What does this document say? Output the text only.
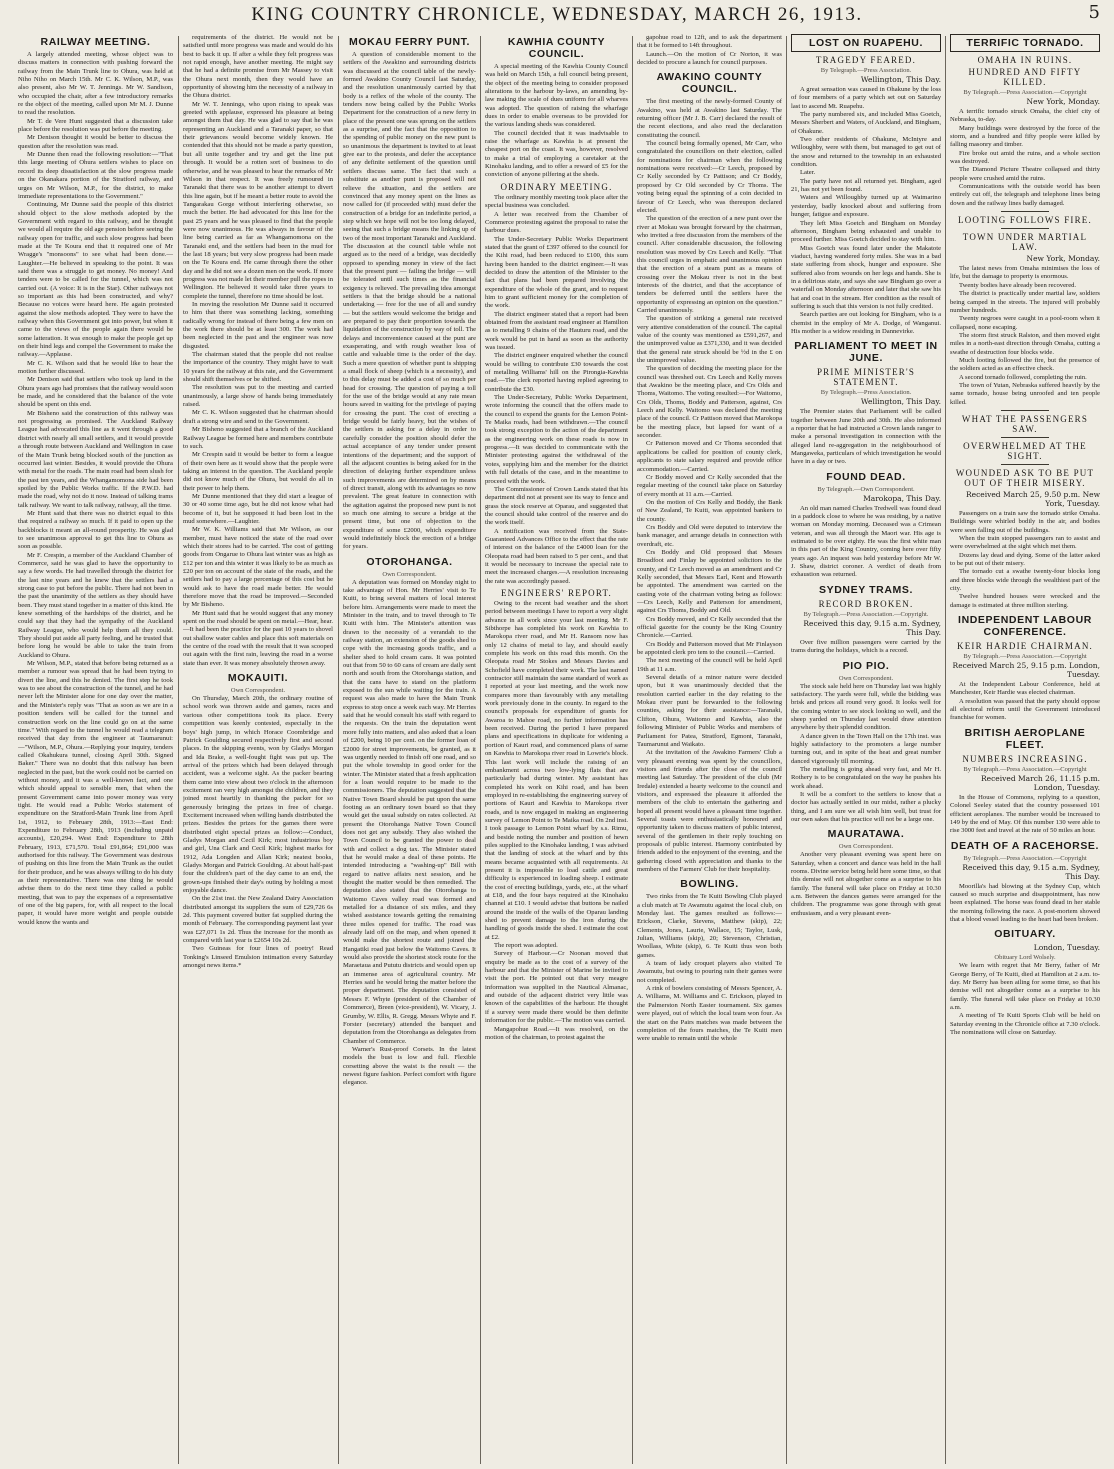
KING COUNTRY CHRONICLE, WEDNESDAY, MARCH 26, 1913.	5
RAILWAY MEETING.

A largely attended meeting, whose object was to discuss matters in connection with pushing forward the railway from the Main Trunk line to Ohura, was held at Niho Niho on March 15th. Mr C. K. Wilson, M.P., was also present, also Mr W. T. Jennings. Mr W. Sandison, who occupied the chair, after a few introductory remarks re the object of the meeting, called upon Mr M. J. Dunne to read the resolution.

Mr T. de Vere Hunt suggested that a discussion take place before the resolution was put before the meeting.

Mr Denison thought it would be better to discuss the question after the resolution was read.

Mr Dunne then read the following resolution:—"That this large meeting of Ohura settlers wishes to place on record its deep dissatisfaction at the slow progress made on the Okanakara portion of the Stratford railway, and urges on Mr Wilson, M.P., for the district, to make immediate representations to the Government."

Continuing, Mr Dunne said the people of this district should object to the slow methods adopted by the Government with regard to this railway, and he thought we would all require the old age pension before seeing the railway open for traffic, and such slow progress had been made at the Te Koura end that it required one of Mr Wragge's "monsoons" to see what had been done.—Laughter.—He believed in speaking to the point. It was said there was a struggle to get money. No money! And tenders were to be called for the tunnel, which was not carried out. (A voice: It is in the Star). Other railways not so important as this had been constructed, and why? Because no voices were heard here. He again protested against the slow methods adopted. They were to have the railway when this Government got into power, but when it came to the views of the people again there would be some latteration. It was enough to make the people get up on their hind legs and compel the Government to make the railway.—Applause.

Mr C. K. Wilson said that he would like to hear the motion further discussed.

Mr Denison said that settlers who took up land in the Ohura years ago had promises that the railway would soon be made, and he considered that the balance of the vote should be spent on this end.

Mr Bisheno said the construction of this railway was not progressing as promised. The Auckland Railway League had advocated this line as it went through a good district with nearly all small settlers, and it would provide a through route between Auckland and Wellington in case of the Main Trunk being blocked south of the junction as occurred last winter. Besides, it would provide the Ohura with metal for the roads. The main road had been slush for the past ten years, and the Whangamomona side had been spoiled by the Public Works traffic. If the P.W.D. had made the road, why not do it now. Instead of talking trams talk railway. We want to talk railway, railway, all the time.

Mr Hunt said that there was no district equal to this that required a railway so much. If it paid to open up the backblocks it meant an all-round prosperity. He was glad to see unanimous approval to get this line to Ohura as soon as possible.

Mr F. Crespin, a member of the Auckland Chamber of Commerce, said he was glad to have the opportunity to say a few words. He had travelled through the district for the last nine years and he knew that the settlers had a strong case to put before the public. There had not been in the past the unanimity of the settlers as they should have been. They must stand together in a matter of this kind. He knew something of the hardships of the district, and he could say that they had the sympathy of the Auckland Railway League, who would help them all they could. They should put aside all party feeling, and he trusted that before long he would be able to take the train from Auckland to Ohura.

Mr Wilson, M.P., stated that before being returned as a member a rumour was spread that he had been trying to divert the line, and this he denied. The first step he took was to see about the construction of the tunnel, and he had never left the Minister alone for one day over the matter, and the Minister's reply was "That as soon as we are in a position tenders will be called for the tunnel and construction work on the line could go on at the same time." With regard to the tunnel he would read a telegram received that day from the engineer at Taumarunui:—"Wilson, M.P., Ohura.—Replying your inquiry, tenders called Okahukura tunnel, closing April 30th. Signed Baker." There was no doubt that this railway has been neglected in the past, but the work could not be carried on without money, and it was a well-known fact, and one which should appeal to sensible men, that when the present Government came into power money was very tight. He would read a Public Works statement of expenditure on the Stratford-Main Trunk line from April 1st, 1912, to February 28th, 1913:—East End: Expenditure to February 28th, 1913 (including unpaid accounts), £20,294. West End: Expenditure to 28th February, 1913, £71,570. Total £91,864; £91,000 was authorised for this railway. The Government was desirous of pushing on this line from the Main Trunk as the outlet for their produce, and he was always willing to do his duty as their representative. There was one thing he would advise them to do the next time they called a public meeting, that was to pay the expenses of a representative of one of the big papers, for, with all respect to the local paper, it would have more weight and people outside would know the wants and

requirements of the district. He would not be satisfied until more progress was made and would do his best to back it up. If after a while they felt progress was not rapid enough, have another meeting. He might say that he had a definite promise from Mr Massey to visit the Ohura next month, then they would have an opportunity of showing him the necessity of a railway in the Ohura district.

Mr W. T. Jennings, who upon rising to speak was greeted with applause, expressed his pleasure at being amongst them that day. He was glad to say that he was representing an Auckland and a Taranaki paper, so that their grievances would become widely known. He contended that this should not be made a party question, but all unite together and try and get the line put through. It would be a rotten sort of business to do otherwise, and he was pleased to hear the remarks of Mr Wilson in that respect. It was freely rumoured in Taranaki that there was to be another attempt to divert this line again, but if he meant a better route to avoid the Tangarakau Gorge without interfering otherwise, so much the better. He had advocated for this line for the past 25 years and he was pleased to find that the people were now unanimous. He was always in favour of the line being carried as far as Whangamomona on the Taranaki end, and the settlers had been in the mud for the last 18 years; but very slow progress had been made on the Te Koura end. He came through there the other day and he did not see a dozen men on the work. If more progress was not made let their member pull the ropes in Wellington. He believed it would take three years to complete the tunnel, therefore no time should be lost.

In moving the resolution Mr Dunne said it occurred to him that there was something lacking, something radically wrong for instead of there being a few men on the work there should be at least 300. The work had been neglected in the past and the engineer was now disgusted.

The chairman stated that the people did not realise the importance of the country. They might have to wait 10 years for the railway at this rate, and the Government should shift themselves or be shifted.

The resolution was put to the meeting and carried unanimously, a large show of hands being immediately raised.

Mr C. K. Wilson suggested that he chairman should draft a strong wire and send to the Government.

Mr Bisheno suggested that a branch of the Auckland Railway League be formed here and members contribute to such.

Mr Crespin said it would be better to form a league of their own here as it would show that the people were taking an interest in the question. The Auckland people did not know much of the Ohura, but would do all in their power to help them.

Mr Dunne mentioned that they did start a league of 30 or 40 some time ago, but he did not know what had become of it, but he supposed it had been lost in the mud somewhere.—Laughter.

Mr W. K. Williams said that Mr Wilson, as our member, must have noticed the state of the road over which their stores had to be carried. The cost of getting goods from Ongarue to Ohura last winter was as high as £12 per ton and this winter it was likely to be as much as £20 per ton on account of the state of the roads, and the settlers had to pay a large percentage of this cost but he would ask to have the road made better. He would therefore move that the road be improved.—Seconded by Mr Bisheno.

Mr Hunt said that he would suggest that any money spent on the road should be spent on metal.—Hear, hear.—It had been the practice for the past 10 years to shovel out shallow water cables and place this soft materials on the centre of the road with the result that it was scooped out again with the first rain, leaving the road in a worse state than ever. It was money absolutely thrown away.

MOKAUITI.
Own Correspondent.

On Thursday, March 20th, the ordinary routine of school work was thrown aside and games, races and various other competitions took its place. Every competition was keenly contested, especially in the boys' high jump, in which Horace Coombridge and Patrick Goulding secured respectively first and second places. In the skipping events, won by Gladys Morgan and Ida Brake, a well-fought fight was put up. The arrival of the prizes which had been delayed through accident, was a welcome sight. As the packer bearing them came into view about two o'clock in the afternoon excitement ran very high amongst the children, and they joined most heartily in thanking the packer for so generously bringing the prizes in free of charge. Excitement increased when willing hands distributed the prizes. Besides the prizes for the games there were distributed eight special prizes as follow:—Conduct, Gladys Morgan and Cecil Kirk; most industrious boy and girl, Una Clark and Cecil Kirk; highest marks for 1912, Ada Longden and Allan Kirk; neatest books, Gladys Morgan and Patrick Goulding. At about half-past four the children's part of the day came to an end, the grown-ups finished their day's outing by holding a most enjoyable dance.

On the 21st inst. the New Zealand Dairy Association distributed amongst its suppliers the sum of £29,726 6s 2d. This payment covered butter fat supplied during the month of February. The corresponding payment last year was £27,071 1s 2d. Thus the increase for the month as compared with last year is £2654 10s 2d.

Two Guineas for four lines of poetry! Read Tonking's Linseed Emulsion intimation every Saturday amongst news items.*

MOKAU FERRY PUNT.

A question of considerable moment to the settlers of the Awakino and surrounding districts was discussed at the council table of the newly-formed Awakino County Council last Saturday, and the resolution unanimously carried by that body is a reflex of the whole of the county. The tenders now being called by the Public Works Department for the construction of a new ferry in place of the present one was sprung on the settlers as a surprise, and the fact that the opposition to the spending of public money on the new punt is so unanimous the department is invited to at least give ear to the protests, and defer the acceptance of any definite settlement of the question until settlers discuss same. The fact that such a substitute as another punt is proposed will not relieve the situation, and the settlers are convinced that any money spent on the lines as now called for (if proceeded with) must defer the construction of a bridge for an indefinite period, a step which we hope will not be too long delayed, seeing that such a bridge means the linking up of two of the most important Taranaki and Auckland. The discussion at the council table while not argued as to the need of a bridge, was decidedly opposed to spending money in view of the fact that the present punt — failing the bridge — will be tolerated until such times as the financial exigency is relieved. The prevailing idea amongst settlers is that the bridge should be a national undertaking — free for the use of all and sundry — but the settlers would welcome the bridge and are prepared to pay their proportion towards the liquidation of the construction by way of toll. The delays and inconvenience caused at the punt are exasperating, and with rough weather loss of cattle and valuable time is the order of the day. Such a mere question of whether punt is shipping a small flock of sheep (which is a necessity), and to this delay must be added a cost of so much per head for crossing. The question of paying a toll for the use of the bridge would at any rate mean hours saved in waiting for the privilege of paying for crossing the punt. The cost of erecting a bridge would be fairly heavy, but the wishes of the settlers in asking for a delay in order to carefully consider the position should defer the actual acceptance of any tender under present intentions of the department; and the support of all the adjacent counties is being asked for in the direction of delaying further expenditure unless such improvements are determined on by means of direct transit, along with its advantages so now prevalent. The great feature in connection with the agitation against the proposed new punt is not so much one aiming to secure a bridge at the present time, but one of objection to the expenditure of some £2000, which expenditure would indefinitely block the erection of a bridge for years.

OTOROHANGA.
Own Correspondent.

A deputation was formed on Monday night to take advantage of Hon. Mr Herries' visit to Te Kuiti, to bring several matters of local interest before him. Arrangements were made to meet the Minister in the train, and to travel through to Te Kuiti with him. The Minister's attention was drawn to the necessity of a verandah to the railway station, an extension of the goods shed to cope with the increasing goods traffic, and a shelter shed to hold cream cans. It was pointed out that from 50 to 60 cans of cream are daily sent north and south from the Otorohanga station, and that the cans have to stand on the platform exposed to the sun while waiting for the train. A request was also made to have the Main Trunk express to stop once a week each way. Mr Herries said that he would consult his staff with regard to the requests. On the train the deputation went more fully into matters, and also asked that a loan of £200, being 10 per cent. on the former loan of £2000 for street improvements, be granted, as it was urgently needed to finish off one road, and so put the whole township in good order for the winter. The Minister stated that a fresh application for a loan would require to be made to the commissioners. The deputation suggested that the Native Town Board should be put upon the same footing as an ordinary town board so that they would get the usual subsidy on rates collected. At present the Otorohanga Native Town Council does not get any subsidy. They also wished the Town Council to be granted the power to deal with and collect a dog tax. The Minister stated that he would make a deal of these points. He intended introducing a "washing-up" Bill with regard to native affairs next session, and he thought the matter would be then remedied. The deputation also stated that the Otorohanga to Waitomo Caves valley road was formed and metalled for a distance of six miles, and they wished assistance towards getting the remaining three miles opened for traffic. The road was already laid off on the map, and when opened it would make the shortest route and joined the Hangatiki road just below the Waitomo Caves. It would also provide the shortest stock route for the Maraetaua and Pututu districts and would open up an immense area of agricultural country. Mr Herries said he would bring the matter before the proper department. The deputation consisted of Messrs F. Whyte (president of the Chamber of Commerce), Breen (vice-president), W. Vicary, J. Grumby, W. Ellis, R. Gregg. Messrs Whyte and F. Forster (secretary) attended the banquet and deputation from the Otorohanga as delegates from Chamber of Commerce.

Warner's Rust-proof Corsets. In the latest models the bust is low and full. Flexible corsetting above the waist is the result — the newest figure fashion. Perfect comfort with figure elegance.

KAWHIA COUNTY COUNCIL.

A special meeting of the Kawhia County Council was held on March 15th, a full council being present, the object of the meeting being to consider proposed alterations to the harbour by-laws, an amending by-law making the scale of dues uniform for all wharves was adopted. The question of raising the wharfage dues in order to enable overseas to be provided for the various landing sheds was considered.

The council decided that it was inadvisable to raise the wharfage as Kawhia is at present the cheapest port on the coast. It was, however, resolved to make a trial of employing a caretaker at the Kinohaku landing, and to offer a reward of £5 for the conviction of anyone pilfering at the sheds.

ORDINARY MEETING.

The ordinary monthly meeting took place after the special business was concluded.

A letter was received from the Chamber of Commerce protesting against the proposal to raise the harbour dues.

The Under-Secretary Public Works Department stated that the grant of £397 offered to the council for the Kihi road, had been reduced to £100, this sum having been handed to the district engineer.—It was decided to draw the attention of the Minister to the fact that plans had been prepared involving the expenditure of the whole of the grant, and to request him to grant sufficient money for the completion of the work.

The district engineer stated that a report had been obtained from the assistant road engineer at Hamilton as to metalling 9 chains of the Hauturu road, and the work would be put in hand as soon as the authority was issued.

The district engineer enquired whether the council would be willing to contribute £30 towards the cost of metalling Williams' hill on the Pirongia-Kawhia road.—The clerk reported having replied agreeing to contribute the £30.

The Under-Secretary, Public Works Department, wrote informing the council that the offers made to the council to expend the grants for the Lemon Point-Te Maika roads, had been withdrawn.—The council took strong exception to the action of the department as the engineering work on these roads is now in progress.—It was decided to communicate with the Minister protesting against the withdrawal of the votes, supplying him and the member for the district with full details of the case, and in the meantime to proceed with the work.

The Commissioner of Crown Lands stated that his department did not at present see its way to fence and grass the stock reserve at Oparau, and suggested that the council should take control of the reserve and do the work itself.

A notification was received from the State-Guaranteed Advances Office to the effect that the rate of interest on the balance of the £4000 loan for the Oleopata road had been raised to 5 per cent., and that it would be necessary to increase the special rate to meet the increased charges.—A resolution increasing the rate was accordingly passed.

ENGINEERS' REPORT.

Owing to the recent bad weather and the short period between meetings I have to report a very slight advance in all work since your last meeting. Mr F. Sibthorpe has completed his work on Kawhia to Marokopa river road, and Mr H. Ransom now has only 12 chains of metal to lay, and should easily complete his work on this road this month. On the Oleopata road Mr Stokes and Messrs Davies and Schofield have completed their work. The last named contractor still maintain the same standard of work as I reported at your last meeting, and the work now compares more than favourably with any metalling work previously done in the county. In regard to the council's proposals for expenditure of grants for Awaroa to Mahoe road, no further information has been received. During the period I have prepared plans and specifications in duplicate for widening a portion of Kauri road, and commenced plans of same on Kawhia to Marokopa river road in Lowrie's block. This last work will include the raising of an embankment across two low-lying flats that are particularly bad during winter. My assistant has completed his work on Kihi road, and has been employed in re-establishing the engineering survey of portions of Kauri and Kawhia to Marokopa river roads, and is now engaged in making an engineering survey of Lemon Point to Te Maika road. On 2nd inst. I took passage to Lemon Point wharf by s.s. Rimu, and beside noting the number and position of hewn piles supplied to the Kinohaku landing, I was advised that the landing of stock at the wharf and by this means became acquainted with all requirements. At present it is impossible to load cattle and great difficulty is experienced in loading sheep. I estimate the cost of erecting buildings, yards, etc., at the wharf at £18, and the four bays required at the Kinohaku channel at £10. I would advise that buttons be nailed around the inside of the walls of the Oparau landing shed to prevent damage to the iron during the handling of goods inside the shed. I estimate the cost at £2.

The report was adopted.

Survey of Harbour.—Cr Noonan moved that enquiry be made as to the cost of a survey of the harbour and that the Minister of Marine be invited to visit the port. He pointed out that very meagre information was supplied in the Nautical Almanac, and outside of the adjacent district very little was known of the capabilities of the harbour. He thought if a survey were made there would be then definite information for the public.—The motion was carried.

Mangapohue Road.—It was resolved, on the motion of the chairman, to protest against the

gapohue road to 12ft, and to ask the department that it be formed to 14ft throughout.

Launch.—On the motion of Cr Norton, it was decided to procure a launch for council purposes.

AWAKINO COUNTY COUNCIL.

The first meeting of the newly-formed County of Awakino, was held at Awakino last Saturday. The returning officer (Mr J. B. Carr) declared the result of the recent elections, and also read the declaration constituting the council.

The council being formally opened, Mr Carr, who congratulated the councillors on their election, called for nominations for chairman when the following nominations were received:—Cr Leech, proposed by Cr Kelly seconded by Cr Pattison; and Cr Boddy, proposed by Cr Old seconded by Cr Thoms. The voting being equal the spinning of a coin decided in favour of Cr Leech, who was thereupon declared elected.

The question of the erection of a new punt over the river at Mokau was brought forward by the chairman, who invited a free discussion from the members of the council. After considerable discussion, the following resolution was moved by Crs Leech and Kelly. "That this council urges in emphatic and unanimous opinion that the erection of a steam punt as a means of crossing over the Mokau river is not in the best interests of the district, and that the acceptance of tenders be deferred until the settlers have the opportunity of expressing an opinion on the question." Carried unanimously.

The question of striking a general rate received very attentive consideration of the council. The capital value of the county was mentioned as £591,267, and the unimproved value as £371,330, and it was decided that the general rate struck should be ½d in the £ on the unimproved value.

The question of deciding the meeting place for the council was threshed out. Crs Leech and Kelly moves that Awakino be the meeting place, and Crs Olds and Thoms, Waitomo. The voting resulted:—For Waitomo, Crs Olds, Thoms, Boddy and Patterson, against, Crs Leech and Kelly. Waitomo was declared the meeting place of the council. Cr Pattison moved that Marokopa be the meeting place, but lapsed for want of a seconder.

Cr Patterson moved and Cr Thoms seconded that applications be called for position of county clerk, applicants to state salary required and provide office accommodation.—Carried.

Cr Boddy moved and Cr Kelly seconded that the regular meeting of the council take place on Saturday of every month at 11 a.m.—Carried.

On the motion of Crs Kelly and Boddy, the Bank of New Zealand, Te Kuiti, was appointed bankers to the county.

Crs Boddy and Old were deputed to interview the bank manager, and arrange details in connection with overdraft, etc.

Crs Boddy and Old proposed that Messrs Broadfoot and Finlay be appointed solicitors to the county, and Cr Leech moved as an amendment and Cr Kelly seconded, that Messrs Earl, Kent and Howarth be appointed. The amendment was carried on the casting vote of the chairman voting being as follows:—Crs Leech, Kelly and Patterson for amendment, against Crs Thoms, Boddy and Old.

Crs Boddy moved, and Cr Kelly seconded that the official gazette for the county be the King Country Chronicle.—Carried.

Crs Boddy and Patterson moved that Mr Finlayson be appointed clerk pro tem to the council.—Carried.

The next meeting of the council will be held April 19th at 11 a.m.

Several details of a minor nature were decided upon, but it was unanimously decided that the resolution carried earlier in the day relating to the Mokau river punt be forwarded to the following counties, asking for their assistance:—Taranaki, Clifton, Ohura, Waitomo and Kawhia, also the following Minister of Public Works and members of Parliament for Patea, Stratford, Egmont, Taranaki, Taumarunui and Waikato.

At the invitation of the Awakino Farmers' Club a very pleasant evening was spent by the councillors, visitors and friends after the close of the council meeting last Saturday. The president of the club (Mr Iredale) extended a hearty welcome to the council and visitors, and expressed the pleasure it afforded the members of the club to entertain the gathering and hoped all present would have a pleasant time together. Several toasts were enthusiastically honoured and opportunity taken to discuss matters of public interest, several of the gentlemen in their reply touching on proposals of public interest. Harmony contributed by friends added to the enjoyment of the evening, and the gathering closed with appreciation and thanks to the members of the Farmers' Club for their hospitality.

BOWLING.

Two rinks from the Te Kuiti Bowling Club played a club match at Te Awamutu against the local club, on Monday last. The games resulted as follows:—Erickson, Clarke, Stevens, Matthew (skip), 22; Clements, Jones, Laurie, Wallace, 15; Taylor, Lusk, Julian, Williams (skip), 20; Stevenson, Christian, Woollass, White (skip), 6. Te Kuiti thus won both games.

A team of lady croquet players also visited Te Awamutu, but owing to pouring rain their games were not completed.

A rink of bowlers consisting of Messrs Spencer, A. A. Williams, M. Williams and C. Erickson, played in the Palmerston North Easter tournament. Six games were played, out of which the local team won four. As the start on the Pairs matches was made between the completion of the fours matches, the Te Kuiti men were unable to remain until the whole

LOST ON RUAPEHU.
TRAGEDY FEARED.
By Telegraph.—Press Association.
Wellington, This Day.

A great sensation was caused in Ohakune by the loss of four members of a party which set out on Saturday last to ascend Mt. Ruapehu.

The party numbered six, and included Miss Goetch, Messrs Sherbert and Waters, of Auckland, and Bingham, of Ohakune.

Two other residents of Ohakune, McIntyre and Willoughby, were with them, but managed to get out of the snow and returned to the township in an exhausted condition.

Later.

The party have not all returned yet. Bingham, aged 21, has not yet been found.

Waters and Willoughby turned up at Waimarino yesterday, badly knocked about and suffering from hunger, fatigue and exposure.

They left Miss Goetch and Bingham on Monday afternoon, Bingham being exhausted and unable to proceed further. Miss Goetch decided to stay with him.

Miss Goetch was found later under the Makatote viaduct, having wandered forty miles. She was in a bad state suffering from shock, hunger and exposure. She suffered also from wounds on her legs and hands. She is in a delirious state, and says she saw Bingham go over a waterfall on Monday afternoon and later that she saw his hat and coat in the stream. Her condition as the result of suffering is such that this version is not fully credited.

Search parties are out looking for Bingham, who is a chemist in the employ of Mr A. Dodge, of Wanganui. His mother is a widow residing in Dannevirke.

PARLIAMENT TO MEET IN JUNE.
PRIME MINISTER'S STATEMENT.
By Telegraph.—Press Association.
Wellington, This Day.

The Premier states that Parliament will be called together between June 20th and 30th. He also informed a reporter that he had instructed a Crown lands ranger to make a personal investigation in connection with the alleged land re-aggregation in the neighbourhood of Mangaweka, particulars of which investigation he would have in a day or two.

FOUND DEAD.
By Telegraph.—Own Correspondent.
Marokopa, This Day.

An old man named Charles Tredwell was found dead in a paddock close to where he was residing, by a native woman on Monday morning. Deceased was a Crimean veteran, and was all through the Maori war. His age is estimated to be over eighty. He was the first white man in this part of the King Country, coming here over fifty years ago. An inquest was held yesterday before Mr W. J. Shaw, district coroner. A verdict of death from exhaustion was returned.

SYDNEY TRAMS.
RECORD BROKEN.
By Telegraph.—Press Association.—Copyright.
Received this day, 9.15 a.m. Sydney, This Day.

Over five million passengers were carried by the trams during the holidays, which is a record.

PIO PIO.
Own Correspondent.

The stock sale held here on Thursday last was highly satisfactory. The yards were full, while the bidding was brisk and prices all round very good. It looks well for the coming winter to see stock looking so well, and the sheep yarded on Thursday last would draw attention anywhere by their splendid condition.

A dance given in the Town Hall on the 17th inst. was highly satisfactory to the promoters a large number turning out, and in spite of the heat and great number danced vigorously till morning.

The metalling is going ahead very fast, and Mr H. Rothery is to be congratulated on the way he pushes his work ahead.

It will be a comfort to the settlers to know that a doctor has actually settled in our midst, rather a plucky thing, and I am sure we all wish him well, but trust for our own sakes that his practice will not be a large one.

MAURATAWA.
Own Correspondent.

Another very pleasant evening was spent here on Saturday, when a concert and dance was held in the hall rooms. Divine service being held here some time, so that this demise will not altogether come as a surprise to his family. The funeral will take place on Friday at 10.30 a.m. Between the dances games were arranged for the children. The programme was gone through with great enthusiasm, and a very pleasant even-

TERRIFIC TORNADO.
OMAHA IN RUINS.
HUNDRED AND FIFTY KILLED.
By Telegraph.—Press Association.—Copyright
New York, Monday.

A terrific tornado struck Omaha, the chief city of Nebraska, to-day.

Many buildings were destroyed by the force of the storm, and a hundred and fifty people were killed by falling masonry and timber.

Fire broke out amid the ruins, and a whole section was destroyed.

The Diamond Picture Theatre collapsed and thirty people were crushed amid the ruins.

Communications with the outside world has been entirely cut off, the telegraph and telephone lines being down and the railway lines badly damaged.

LOOTING FOLLOWS FIRE.
TOWN UNDER MARTIAL LAW.
New York, Monday.

The latest news from Omaha minimises the loss of life, but the damage to property is enormous.

Twenty bodies have already been recovered.

The district is practically under martial law, soldiers being camped in the streets. The injured will probably number hundreds.

Twenty negroes were caught in a pool-room when it collapsed, none escaping.

The storm first struck Ralston, and then moved eight miles in a north-east direction through Omaha, cutting a swathe of destruction four blocks wide.

Much looting followed the fire, but the presence of the soldiers acted as an effective check.

A second tornado followed, completing the ruin.

The town of Yutan, Nebraska suffered heavily by the same tornado, house being unroofed and ten people killed.

WHAT THE PASSENGERS SAW.
OVERWHELMED AT THE SIGHT.
WOUNDED ASK TO BE PUT OUT OF THEIR MISERY.
Received March 25, 9.50 p.m. New York, Tuesday.

Passengers on a train saw the tornado strike Omaha. Buildings were whirled bodily in the air, and bodies were seen falling out of the buildings.

When the train stopped passengers ran to assist and were overwhelmed at the sight which met them.

Dozens lay dead and dying. Some of the latter asked to be put out of their misery.

The tornado cut a swathe twenty-four blocks long and three blocks wide through the wealthiest part of the city.

Twelve hundred houses were wrecked and the damage is estimated at three million sterling.

INDEPENDENT LABOUR CONFERENCE.
KEIR HARDIE CHAIRMAN.
By Telegraph.—Press Association.—Copyright
Received March 25, 9.15 p.m. London, Tuesday.

At the Independent Labour Conference, held at Manchester, Keir Hardie was elected chairman.

A resolution was passed that the party should oppose all electoral reform until the Government introduced franchise for women.

BRITISH AEROPLANE FLEET.
NUMBERS INCREASING.
By Telegraph.—Press Association.—Copyright
Received March 26, 11.15 p.m. London, Tuesday.

In the House of Commons, replying to a question, Colonel Seeley stated that the country possessed 101 efficient aeroplanes. The number would be increased to 149 by the end of May. Of this number 130 were able to rise 3000 feet and travel at the rate of 50 miles an hour.

DEATH OF A RACEHORSE.
By Telegraph.—Press Association.—Copyright
Received this day, 9.15 a.m. Sydney, This Day.

Moorilla's had blowing at the Sydney Cup, which caused so much surprise and disappointment, has now been explained. The horse was found dead in her stable the morning following the race. A post-mortem showed that a blood vessel leading to the heart had been broken.

OBITUARY.
London, Tuesday.
Obituary Lord Wolsely.

We learn with regret that Mr Berry, father of Mr George Berry, of Te Kuiti, died at Hamilton at 2 a.m. to-day. Mr Berry has been ailing for some time, so that his demise will not altogether come as a surprise to his family. The funeral will take place on Friday at 10.30 a.m.

A meeting of Te Kuiti Sports Club will be held on Saturday evening in the Chronicle office at 7.30 o'clock. The nominations will close on Saturday.
